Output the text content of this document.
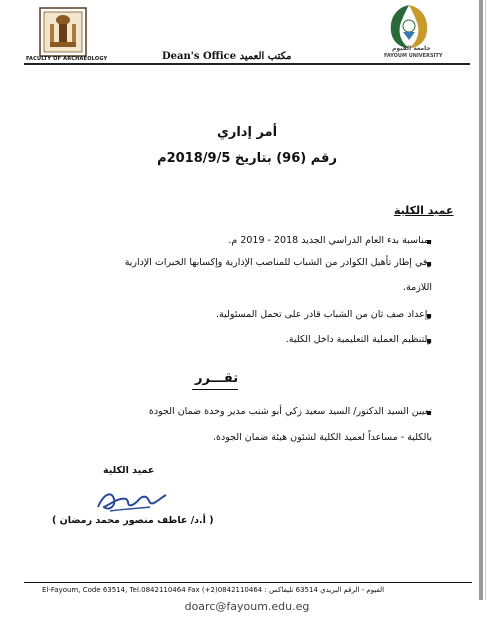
FACULTY OF ARCHAEOLOGY
جامعة الفيوم
FAYOUM UNIVERSITY
Dean's Office مكتب العميد
أمر إداري
رقم (96) بتاريخ 2018/9/5م
عميد الكلية
بمناسبة بدء العام الدراسي الجديد 2018 - 2019 م.
وفي إطار تأهيل الكوادر من الشباب للمناصب الإدارية وإكسابها الخبرات الإدارية
اللازمة.
وإعداد صف ثان من الشباب قادر على تحمل المسئولية.
ولتنظيم العملية التعليمية داخل الكلية.
تقـــرر
تعيين السيد الدكتور/ السيد سعيد زكي أبو شنب مدير وحدة ضمان الجودة
بالكلية - مساعداً لعميد الكلية لشئون هيئة ضمان الجودة.
عميد الكلية
( أ.د/ عاطف منصور محمد رمضان )
El-Fayoum, Code 63514, Tel.0842110464 Fax (+2)0842110464 : الفيوم - الرقم البريدي 63514 تليفاكس
doarc@fayoum.edu.eg
